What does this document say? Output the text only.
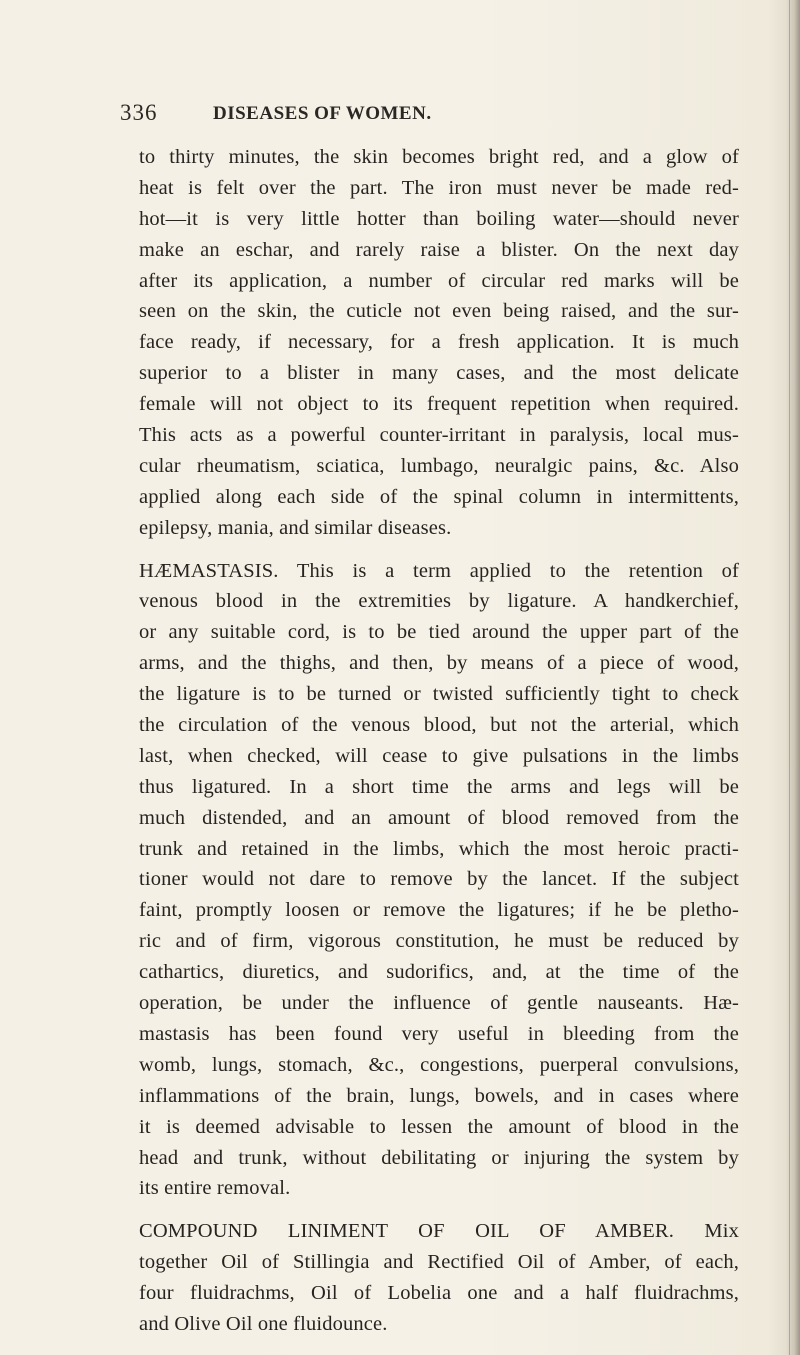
336	DISEASES OF WOMEN.
to thirty minutes, the skin becomes bright red, and a glow of
heat is felt over the part. The iron must never be made red-
hot—it is very little hotter than boiling water—should never
make an eschar, and rarely raise a blister. On the next day
after its application, a number of circular red marks will be
seen on the skin, the cuticle not even being raised, and the sur-
face ready, if necessary, for a fresh application. It is much
superior to a blister in many cases, and the most delicate
female will not object to its frequent repetition when required.
This acts as a powerful counter-irritant in paralysis, local mus-
cular rheumatism, sciatica, lumbago, neuralgic pains, &c. Also
applied along each side of the spinal column in intermittents,
epilepsy, mania, and similar diseases.
HÆMASTASIS. This is a term applied to the retention of
venous blood in the extremities by ligature. A handkerchief,
or any suitable cord, is to be tied around the upper part of the
arms, and the thighs, and then, by means of a piece of wood,
the ligature is to be turned or twisted sufficiently tight to check
the circulation of the venous blood, but not the arterial, which
last, when checked, will cease to give pulsations in the limbs
thus ligatured. In a short time the arms and legs will be
much distended, and an amount of blood removed from the
trunk and retained in the limbs, which the most heroic practi-
tioner would not dare to remove by the lancet. If the subject
faint, promptly loosen or remove the ligatures; if he be pletho-
ric and of firm, vigorous constitution, he must be reduced by
cathartics, diuretics, and sudorifics, and, at the time of the
operation, be under the influence of gentle nauseants. Hæ-
mastasis has been found very useful in bleeding from the
womb, lungs, stomach, &c., congestions, puerperal convulsions,
inflammations of the brain, lungs, bowels, and in cases where
it is deemed advisable to lessen the amount of blood in the
head and trunk, without debilitating or injuring the system by
its entire removal.
COMPOUND LINIMENT OF OIL OF AMBER. Mix
together Oil of Stillingia and Rectified Oil of Amber, of each,
four fluidrachms, Oil of Lobelia one and a half fluidrachms,
and Olive Oil one fluidounce.
